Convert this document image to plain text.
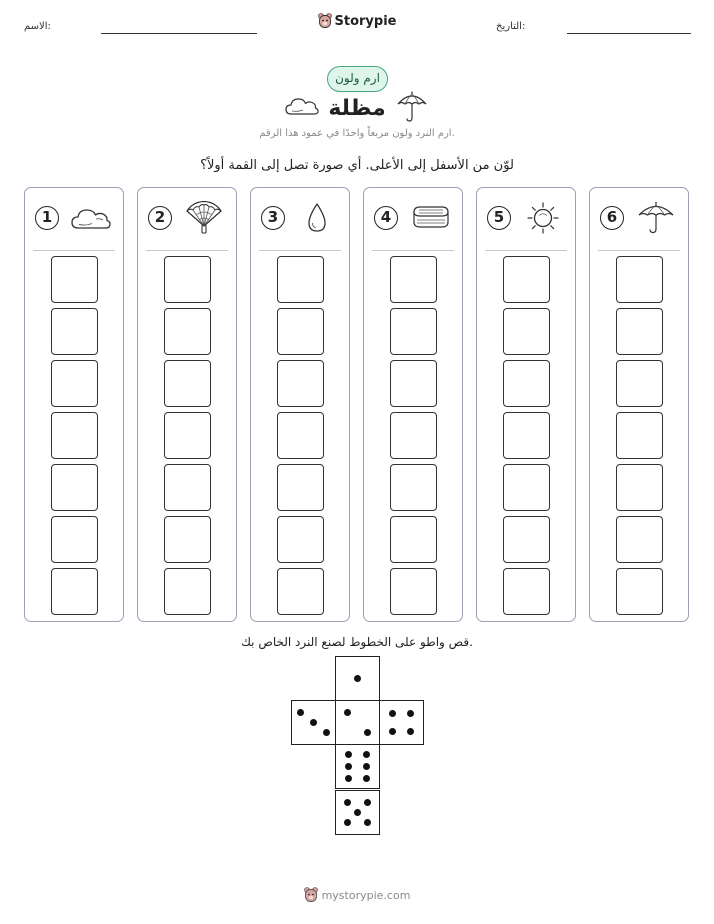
الاسم:	Storypie	التاريخ:
ارم ولون
مظلة
ارم النرد ولون مربعاً واحدًا في عمود هذا الرقم.
لوّن من الأسفل إلى الأعلى. أي صورة تصل إلى القمة أولاً؟
1	2	3	4	5	6
قص واطو على الخطوط لصنع النرد الخاص بك.
mystorypie.com
